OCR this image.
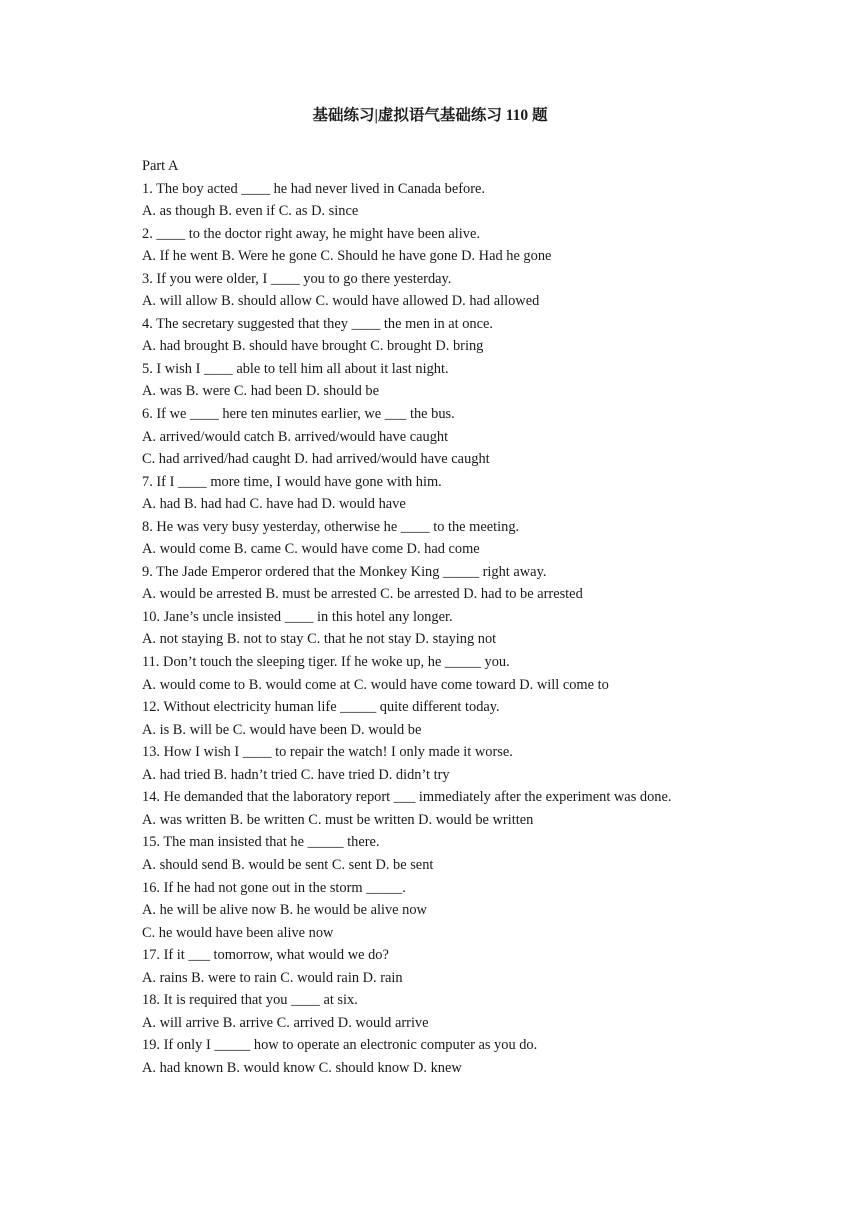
基础练习|虚拟语气基础练习 110 题
Part A
1. The boy acted ____ he had never lived in Canada before.
A. as though B. even if C. as D. since
2. ____ to the doctor right away, he might have been alive.
A. If he went B. Were he gone C. Should he have gone D. Had he gone
3. If you were older, I ____ you to go there yesterday.
A. will allow B. should allow C. would have allowed D. had allowed
4. The secretary suggested that they ____ the men in at once.
A. had brought B. should have brought C. brought D. bring
5. I wish I ____ able to tell him all about it last night.
A. was B. were C. had been D. should be
6. If we ____ here ten minutes earlier, we ___ the bus.
A. arrived/would catch B. arrived/would have caught
C. had arrived/had caught D. had arrived/would have caught
7. If I ____ more time, I would have gone with him.
A. had B. had had C. have had D. would have
8. He was very busy yesterday, otherwise he ____ to the meeting.
A. would come B. came C. would have come D. had come
9. The Jade Emperor ordered that the Monkey King _____ right away.
A. would be arrested B. must be arrested C. be arrested D. had to be arrested
10. Jane’s uncle insisted ____ in this hotel any longer.
A. not staying B. not to stay C. that he not stay D. staying not
11. Don’t touch the sleeping tiger. If he woke up, he _____ you.
A. would come to B. would come at C. would have come toward D. will come to
12. Without electricity human life _____ quite different today.
A. is B. will be C. would have been D. would be
13. How I wish I ____ to repair the watch! I only made it worse.
A. had tried B. hadn’t tried C. have tried D. didn’t try
14. He demanded that the laboratory report ___ immediately after the experiment was done.
A. was written B. be written C. must be written D. would be written
15. The man insisted that he _____ there.
A. should send B. would be sent C. sent D. be sent
16. If he had not gone out in the storm _____.
A. he will be alive now B. he would be alive now
C. he would have been alive now
17. If it ___ tomorrow, what would we do?
A. rains B. were to rain C. would rain D. rain
18. It is required that you ____ at six.
A. will arrive B. arrive C. arrived D. would arrive
19. If only I _____ how to operate an electronic computer as you do.
A. had known B. would know C. should know D. knew
